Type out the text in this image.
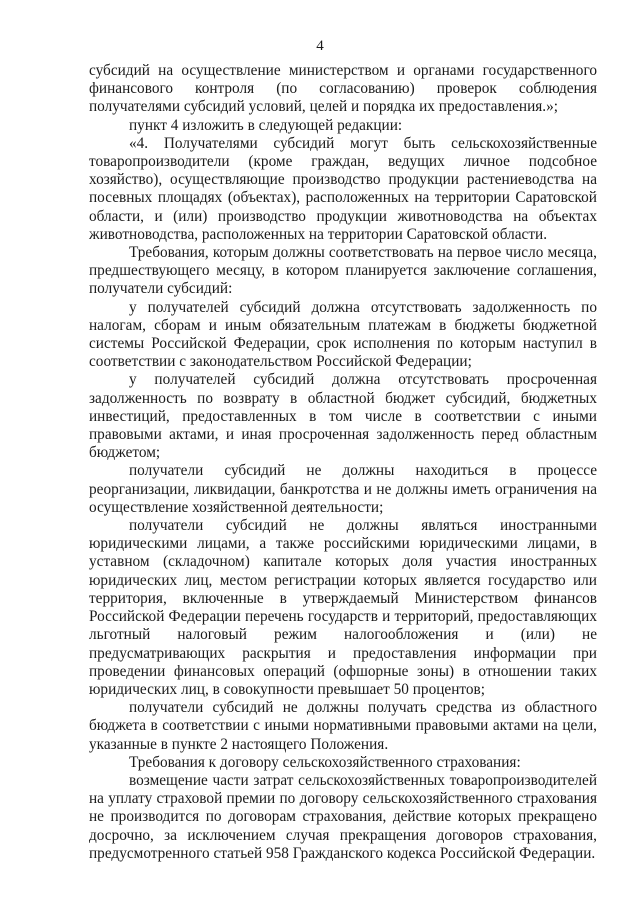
4

субсидий на осуществление министерством и органами государственного финансового контроля (по согласованию) проверок соблюдения получателями субсидий условий, целей и порядка их предоставления.»;

пункт 4 изложить в следующей редакции:

«4. Получателями субсидий могут быть сельскохозяйственные товаропроизводители (кроме граждан, ведущих личное подсобное хозяйство), осуществляющие производство продукции растениеводства на посевных площадях (объектах), расположенных на территории Саратовской области, и (или) производство продукции животноводства на объектах животноводства, расположенных на территории Саратовской области.

Требования, которым должны соответствовать на первое число месяца, предшествующего месяцу, в котором планируется заключение соглашения, получатели субсидий:

у получателей субсидий должна отсутствовать задолженность по налогам, сборам и иным обязательным платежам в бюджеты бюджетной системы Российской Федерации, срок исполнения по которым наступил в соответствии с законодательством Российской Федерации;

у получателей субсидий должна отсутствовать просроченная задолженность по возврату в областной бюджет субсидий, бюджетных инвестиций, предоставленных в том числе в соответствии с иными правовыми актами, и иная просроченная задолженность перед областным бюджетом;

получатели субсидий не должны находиться в процессе реорганизации, ликвидации, банкротства и не должны иметь ограничения на осуществление хозяйственной деятельности;

получатели субсидий не должны являться иностранными юридическими лицами, а также российскими юридическими лицами, в уставном (складочном) капитале которых доля участия иностранных юридических лиц, местом регистрации которых является государство или территория, включенные в утверждаемый Министерством финансов Российской Федерации перечень государств и территорий, предоставляющих льготный налоговый режим налогообложения и (или) не предусматривающих раскрытия и предоставления информации при проведении финансовых операций (офшорные зоны) в отношении таких юридических лиц, в совокупности превышает 50 процентов;

получатели субсидий не должны получать средства из областного бюджета в соответствии с иными нормативными правовыми актами на цели, указанные в пункте 2 настоящего Положения.

Требования к договору сельскохозяйственного страхования:

возмещение части затрат сельскохозяйственных товаропроизводителей на уплату страховой премии по договору сельскохозяйственного страхования не производится по договорам страхования, действие которых прекращено досрочно, за исключением случая прекращения договоров страхования, предусмотренного статьей 958 Гражданского кодекса Российской Федерации.
